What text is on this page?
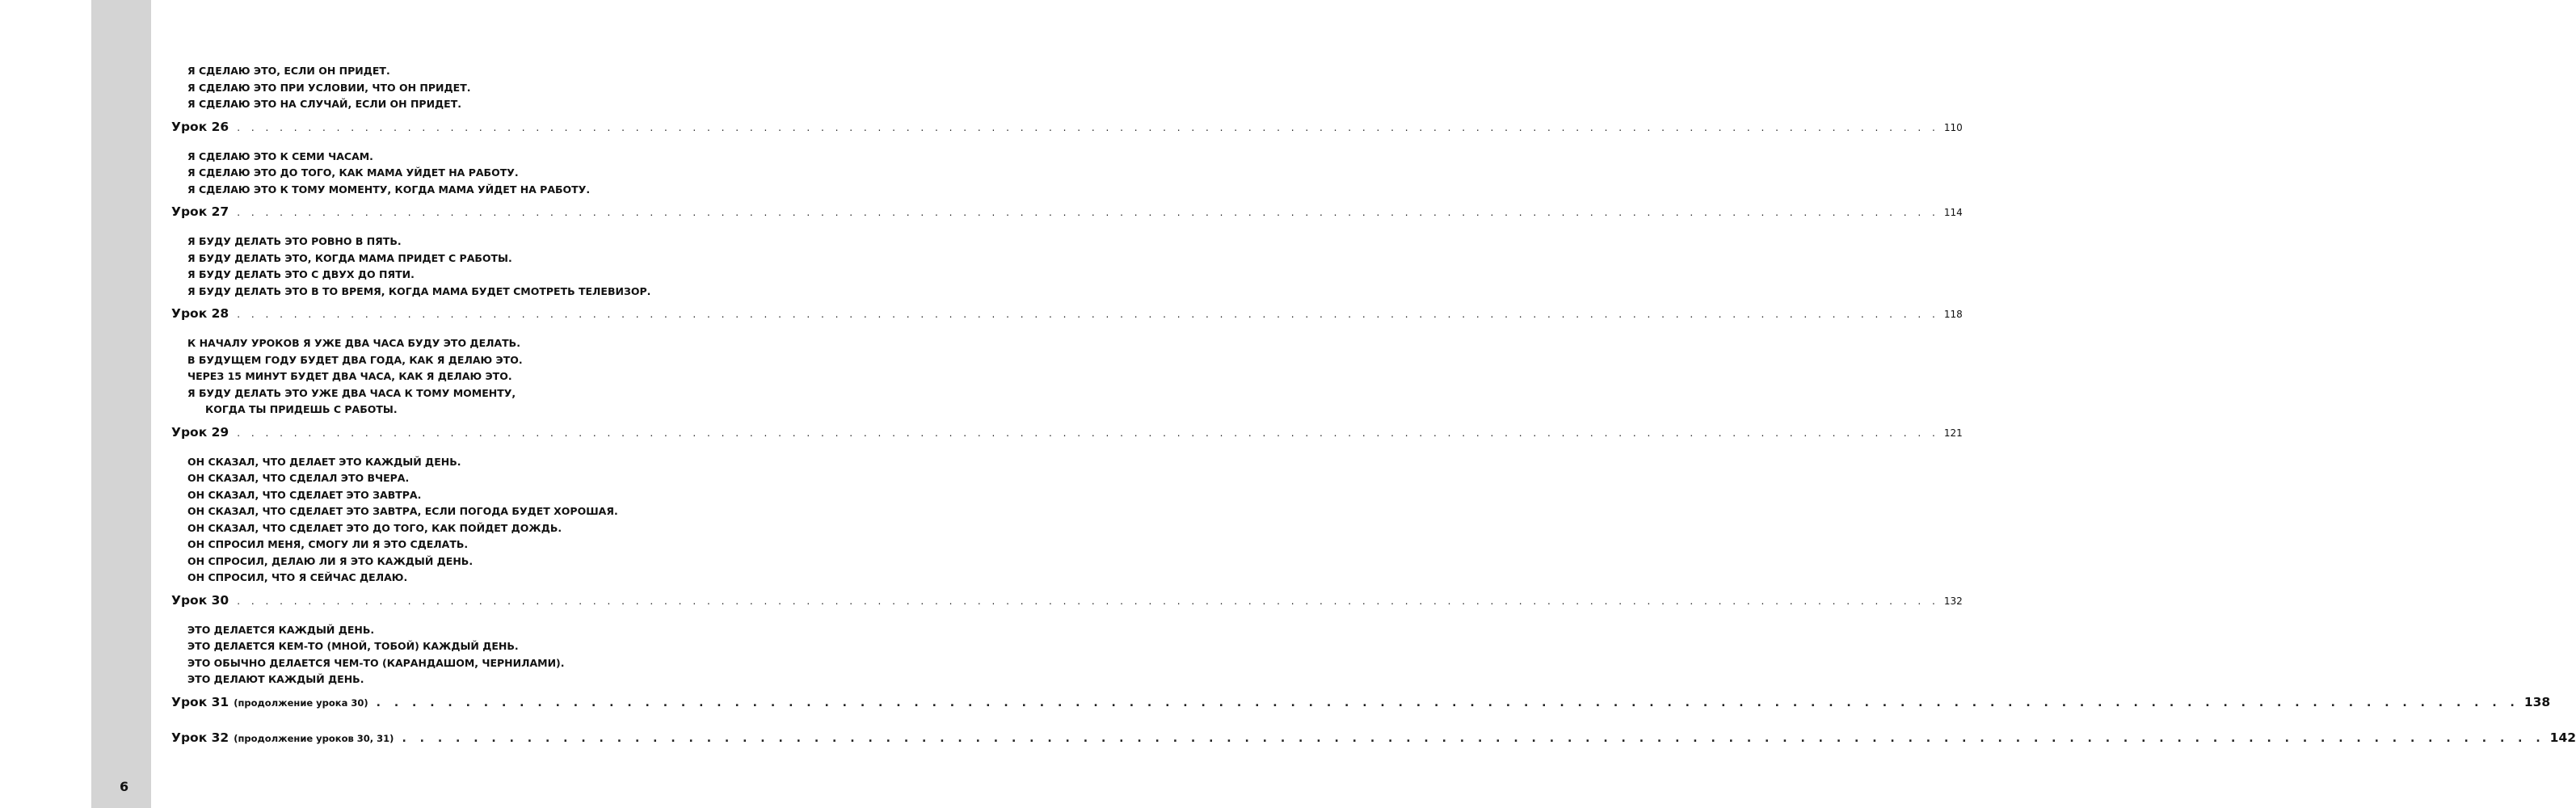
6
Я СДЕЛАЮ ЭТО, ЕСЛИ ОН ПРИДЕТ.
Я СДЕЛАЮ ЭТО ПРИ УСЛОВИИ, ЧТО ОН ПРИДЕТ.
Я СДЕЛАЮ ЭТО НА СЛУЧАЙ, ЕСЛИ ОН ПРИДЕТ.
Урок 26 . . . . . . . . . . . . . . . . . . . . . . . . . . . . . . . . . . . . . . . . . . . . . . . . . . . . . . . . . . . . . . . . . . . . . . . . . . . . . . . . . . . . . . . . . . . . . . . . . . . . . . . . . . . . . . . . . . . . . . . . 110
Я СДЕЛАЮ ЭТО К СЕМИ ЧАСАМ.
Я СДЕЛАЮ ЭТО ДО ТОГО, КАК МАМА УЙДЕТ НА РАБОТУ.
Я СДЕЛАЮ ЭТО К ТОМУ МОМЕНТУ, КОГДА МАМА УЙДЕТ НА РАБОТУ.
Урок 27 . . . . . . . . . . . . . . . . . . . . . . . . . . . . . . . . . . . . . . . . . . . . . . . . . . . . . . . . . . . . . . . . . . . . . . . . . . . . . . . . . . . . . . . . . . . . . . . . . . . . . . . . . . . . . . . . . . . . . . . . 114
Я БУДУ ДЕЛАТЬ ЭТО РОВНО В ПЯТЬ.
Я БУДУ ДЕЛАТЬ ЭТО, КОГДА МАМА ПРИДЕТ С РАБОТЫ.
Я БУДУ ДЕЛАТЬ ЭТО С ДВУХ ДО ПЯТИ.
Я БУДУ ДЕЛАТЬ ЭТО В ТО ВРЕМЯ, КОГДА МАМА БУДЕТ СМОТРЕТЬ ТЕЛЕВИЗОР.
Урок 28 . . . . . . . . . . . . . . . . . . . . . . . . . . . . . . . . . . . . . . . . . . . . . . . . . . . . . . . . . . . . . . . . . . . . . . . . . . . . . . . . . . . . . . . . . . . . . . . . . . . . . . . . . . . . . . . . . . . . . . . . 118
К НАЧАЛУ УРОКОВ Я УЖЕ ДВА ЧАСА БУДУ ЭТО ДЕЛАТЬ.
В БУДУЩЕМ ГОДУ БУДЕТ ДВА ГОДА, КАК Я ДЕЛАЮ ЭТО.
ЧЕРЕЗ 15 МИНУТ БУДЕТ ДВА ЧАСА, КАК Я ДЕЛАЮ ЭТО.
Я БУДУ ДЕЛАТЬ ЭТО УЖЕ ДВА ЧАСА К ТОМУ МОМЕНТУ,
КОГДА ТЫ ПРИДЕШЬ С РАБОТЫ.
Урок 29 . . . . . . . . . . . . . . . . . . . . . . . . . . . . . . . . . . . . . . . . . . . . . . . . . . . . . . . . . . . . . . . . . . . . . . . . . . . . . . . . . . . . . . . . . . . . . . . . . . . . . . . . . . . . . . . . . . . . . . . . 121
ОН СКАЗАЛ, ЧТО ДЕЛАЕТ ЭТО КАЖДЫЙ ДЕНЬ.
ОН СКАЗАЛ, ЧТО СДЕЛАЛ ЭТО ВЧЕРА.
ОН СКАЗАЛ, ЧТО СДЕЛАЕТ ЭТО ЗАВТРА.
ОН СКАЗАЛ, ЧТО СДЕЛАЕТ ЭТО ЗАВТРА, ЕСЛИ ПОГОДА БУДЕТ ХОРОШАЯ.
ОН СКАЗАЛ, ЧТО СДЕЛАЕТ ЭТО ДО ТОГО, КАК ПОЙДЕТ ДОЖДЬ.
ОН СПРОСИЛ МЕНЯ, СМОГУ ЛИ Я ЭТО СДЕЛАТЬ.
ОН СПРОСИЛ, ДЕЛАЮ ЛИ Я ЭТО КАЖДЫЙ ДЕНЬ.
ОН СПРОСИЛ, ЧТО Я СЕЙЧАС ДЕЛАЮ.
Урок 30 . . . . . . . . . . . . . . . . . . . . . . . . . . . . . . . . . . . . . . . . . . . . . . . . . . . . . . . . . . . . . . . . . . . . . . . . . . . . . . . . . . . . . . . . . . . . . . . . . . . . . . . . . . . . . . . . . . . . . . . . 132
ЭТО ДЕЛАЕТСЯ КАЖДЫЙ ДЕНЬ.
ЭТО ДЕЛАЕТСЯ КЕМ-ТО (МНОЙ, ТОБОЙ) КАЖДЫЙ ДЕНЬ.
ЭТО ОБЫЧНО ДЕЛАЕТСЯ ЧЕМ-ТО (КАРАНДАШОМ, ЧЕРНИЛАМИ).
ЭТО ДЕЛАЮТ КАЖДЫЙ ДЕНЬ.
Урок 31 (продолжение урока 30) . . . . . . . . . . . . . . . . . . . . . . . . . . . . . . . . . . . . . . . . . . . . . . . . . . . . . . . . . . . . . . . . . . . . . . . . . . . . . . . . . . . . . . . . . . . . . . . . . . . . . . . . . . . . . . . . . . . . . . . . 138
Урок 32 (продолжение уроков 30, 31) . . . . . . . . . . . . . . . . . . . . . . . . . . . . . . . . . . . . . . . . . . . . . . . . . . . . . . . . . . . . . . . . . . . . . . . . . . . . . . . . . . . . . . . . . . . . . . . . . . . . . . . . . . . . . . . . . . . . . . . . 142
